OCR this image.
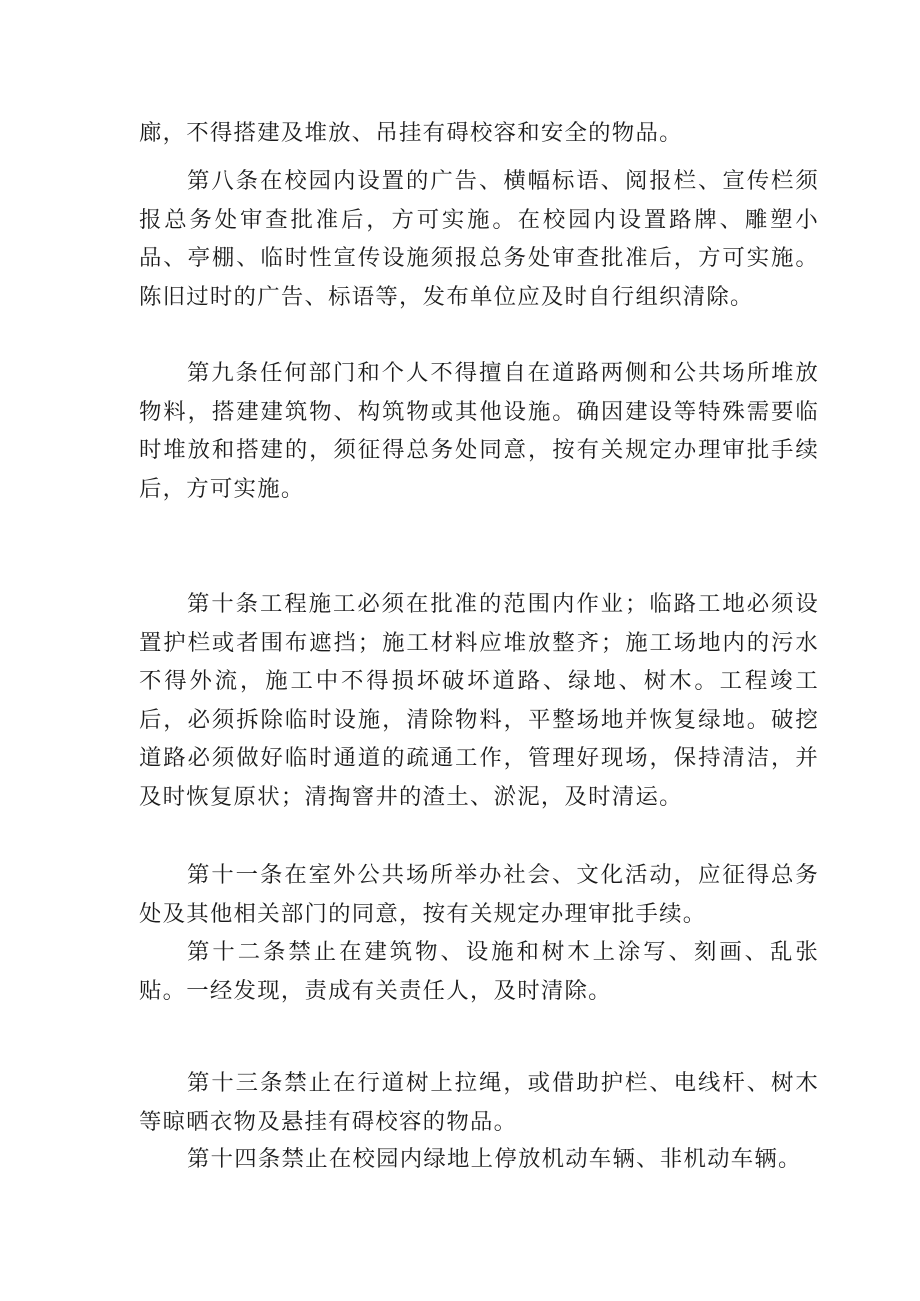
廊，不得搭建及堆放、吊挂有碍校容和安全的物品。

第八条在校园内设置的广告、横幅标语、阅报栏、宣传栏须报总务处审查批准后，方可实施。在校园内设置路牌、雕塑小品、亭棚、临时性宣传设施须报总务处审查批准后，方可实施。陈旧过时的广告、标语等，发布单位应及时自行组织清除。

第九条任何部门和个人不得擅自在道路两侧和公共场所堆放物料，搭建建筑物、构筑物或其他设施。确因建设等特殊需要临时堆放和搭建的，须征得总务处同意，按有关规定办理审批手续后，方可实施。

第十条工程施工必须在批准的范围内作业；临路工地必须设置护栏或者围布遮挡；施工材料应堆放整齐；施工场地内的污水不得外流，施工中不得损坏破坏道路、绿地、树木。工程竣工后，必须拆除临时设施，清除物料，平整场地并恢复绿地。破挖道路必须做好临时通道的疏通工作，管理好现场，保持清洁，并及时恢复原状；清掏窨井的渣土、淤泥，及时清运。

第十一条在室外公共场所举办社会、文化活动，应征得总务处及其他相关部门的同意，按有关规定办理审批手续。

第十二条禁止在建筑物、设施和树木上涂写、刻画、乱张贴。一经发现，责成有关责任人，及时清除。

第十三条禁止在行道树上拉绳，或借助护栏、电线杆、树木等晾晒衣物及悬挂有碍校容的物品。

第十四条禁止在校园内绿地上停放机动车辆、非机动车辆。
